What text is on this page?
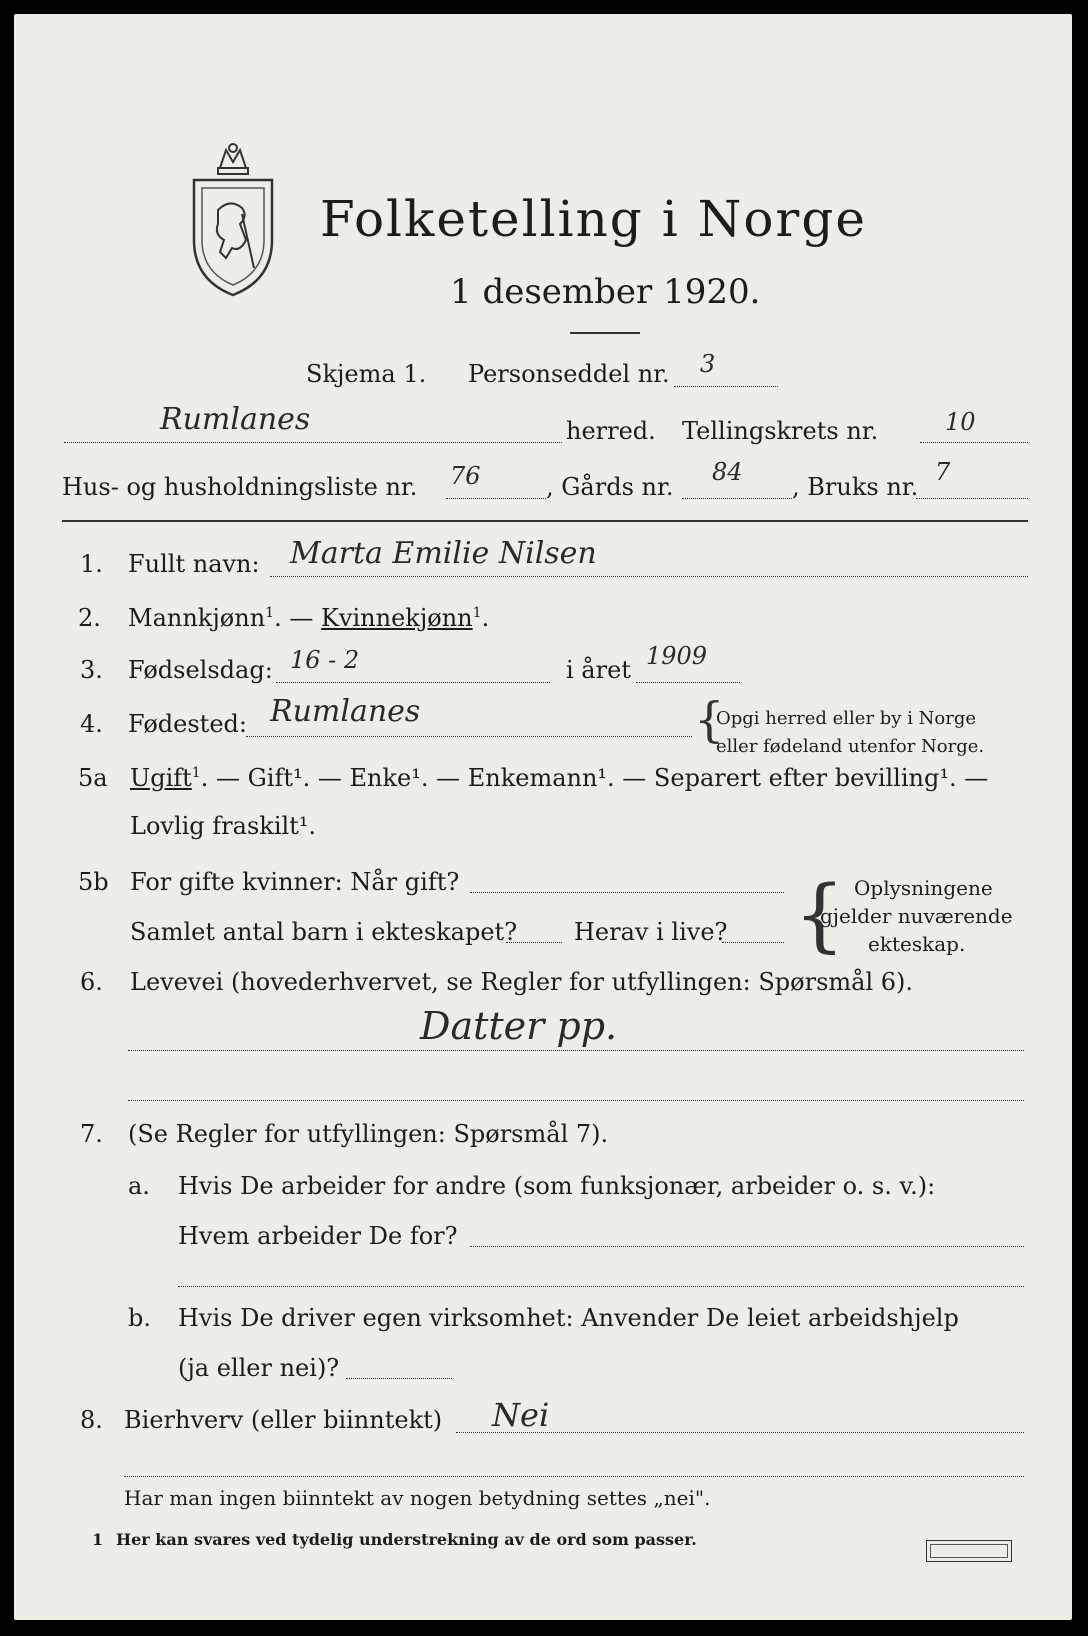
Folketelling i Norge
1 desember 1920.
Skjema 1. Personseddel nr. 3
Rumlanes	herred. Tellingskrets nr.	10
Hus- og husholdningsliste nr. 76	, Gårds nr.
84
, Bruks nr.
7
1. Fullt navn: Marta Emilie Nilsen
2. Mannkjønn$^1$. — Kvinnekjønn$^1$.
3. Fødselsdag: 16 - 2	i året 1909
4. Fødested: Rumlanes	{
Opgi herred eller by i Norge
eller fødeland utenfor Norge.
5a Ugift$^1$. — Gift¹. — Enke¹. — Enkemann¹. — Separert efter bevilling¹. —
Lovlig fraskilt¹.
5b For gifte kvinner: Når gift?
Samlet antal barn i ekteskapet? Herav i live? { Oplysningene
gjelder nuværende
ekteskap.
6. Levevei (hovederhvervet, se Regler for utfyllingen: Spørsmål 6).
Datter pp.
7. (Se Regler for utfyllingen: Spørsmål 7).
a. Hvis De arbeider for andre (som funksjonær, arbeider o. s. v.):
Hvem arbeider De for?
b. Hvis De driver egen virksomhet: Anvender De leiet arbeidshjelp
(ja eller nei)?
8. Bierhverv (eller biinntekt) Nei
Har man ingen biinntekt av nogen betydning settes „nei".
1 Her kan svares ved tydelig understrekning av de ord som passer.
